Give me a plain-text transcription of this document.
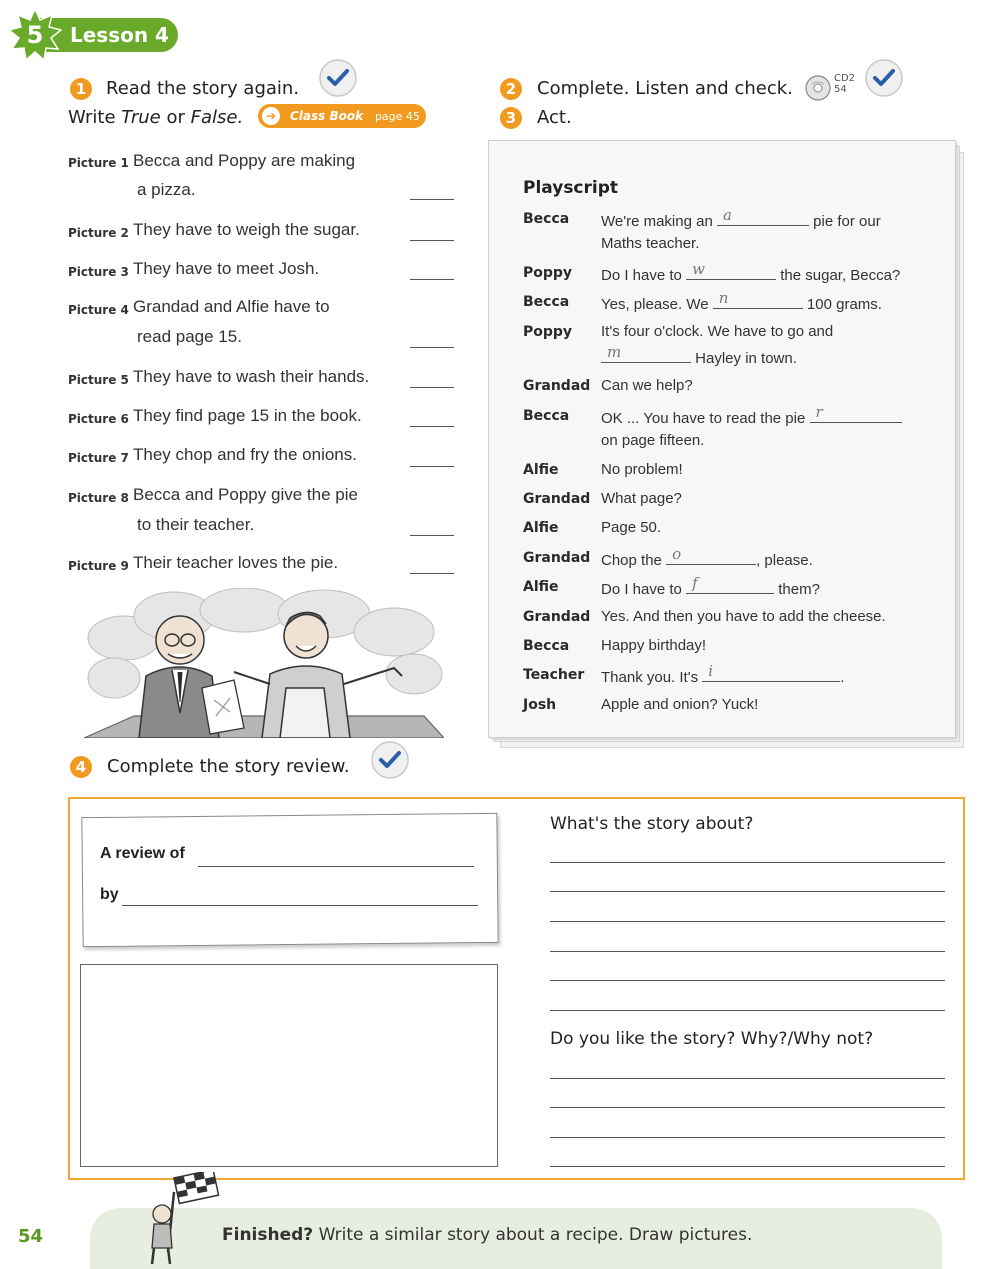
Lesson 4
5
1	Read the story again.
Write True or False.	Class Book page 45
➔
Picture 1 Becca and Poppy are making
a pizza.
Picture 2 They have to weigh the sugar.
Picture 3 They have to meet Josh.
Picture 4 Grandad and Alfie have to
read page 15.
Picture 5 They have to wash their hands.
Picture 6 They find page 15 in the book.
Picture 7 They chop and fry the onions.
Picture 8 Becca and Poppy give the pie
to their teacher.
Picture 9 Their teacher loves the pie.
2	Complete. Listen and check.	CD2
54
3	Act.
Playscript
Becca We're making an a	pie for our
Maths teacher.
Poppy Do I have to w	the sugar, Becca?
Becca Yes, please. We n	100 grams.
Poppy It's four o'clock. We have to go and
m	Hayley in town.
Grandad Can we help?
Becca OK ... You have to read the pie r
on page fifteen.
Alfie	No problem!
Grandad What page?
Alfie	Page 50.
Grandad Chop the o	, please.
Alfie	Do I have to f	them?
Grandad Yes. And then you have to add the cheese.
Becca Happy birthday!
Teacher Thank you. It's i	.
Josh	Apple and onion? Yuck!
4	Complete the story review.
A review of
by
What's the story about?
Do you like the story? Why?/Why not?
54	Finished? Write a similar story about a recipe. Draw pictures.
